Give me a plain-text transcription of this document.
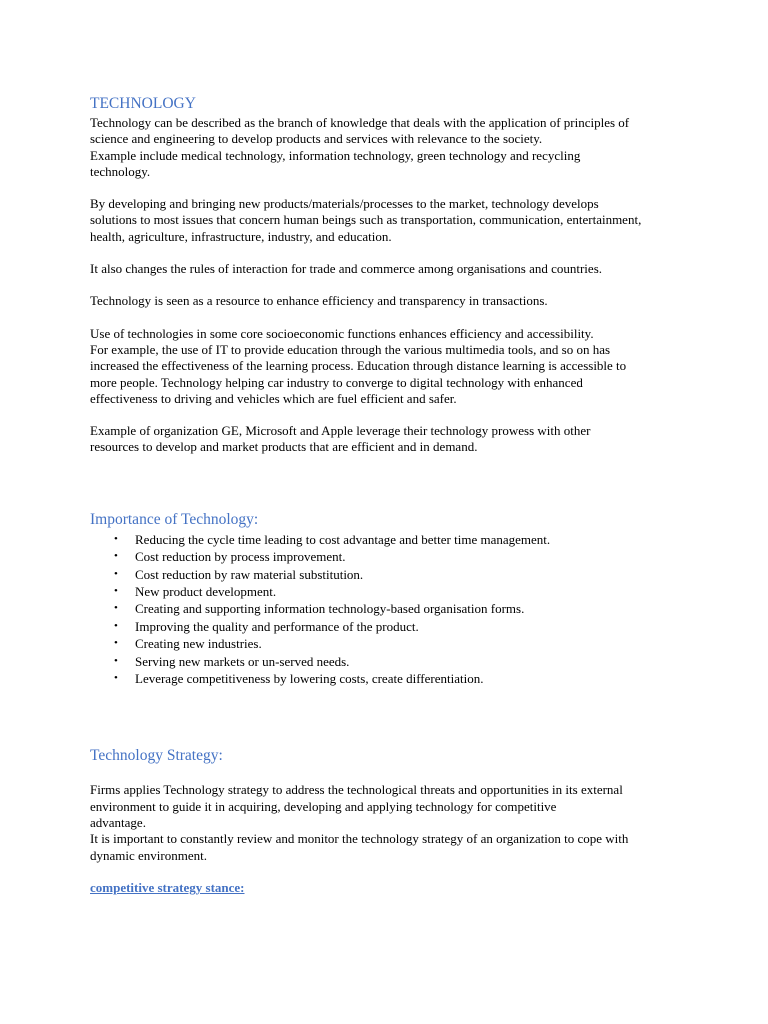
TECHNOLOGY

Technology can be described as the branch of knowledge that deals with the application of principles of
science and engineering to develop products and services with relevance to the society.
Example include medical technology, information technology, green technology and recycling
technology.

By developing and bringing new products/materials/processes to the market, technology develops
solutions to most issues that concern human beings such as transportation, communication, entertainment,
health, agriculture, infrastructure, industry, and education.

It also changes the rules of interaction for trade and commerce among organisations and countries.

Technology is seen as a resource to enhance efficiency and transparency in transactions.

Use of technologies in some core socioeconomic functions enhances efficiency and accessibility.
For example, the use of IT to provide education through the various multimedia tools, and so on has
increased the effectiveness of the learning process. Education through distance learning is accessible to
more people. Technology helping car industry to converge to digital technology with enhanced
effectiveness to driving and vehicles which are fuel efficient and safer.

Example of organization GE, Microsoft and Apple leverage their technology prowess with other
resources to develop and market products that are efficient and in demand.

Importance of Technology:
• Reducing the cycle time leading to cost advantage and better time management.
• Cost reduction by process improvement.
• Cost reduction by raw material substitution.
• New product development.
• Creating and supporting information technology-based organisation forms.
• Improving the quality and performance of the product.
• Creating new industries.
• Serving new markets or un-served needs.
• Leverage competitiveness by lowering costs, create differentiation.
Technology Strategy:

Firms applies Technology strategy to address the technological threats and opportunities in its external
environment to guide it in acquiring, developing and applying technology for competitive
advantage.
It is important to constantly review and monitor the technology strategy of an organization to cope with
dynamic environment.

competitive strategy stance:
